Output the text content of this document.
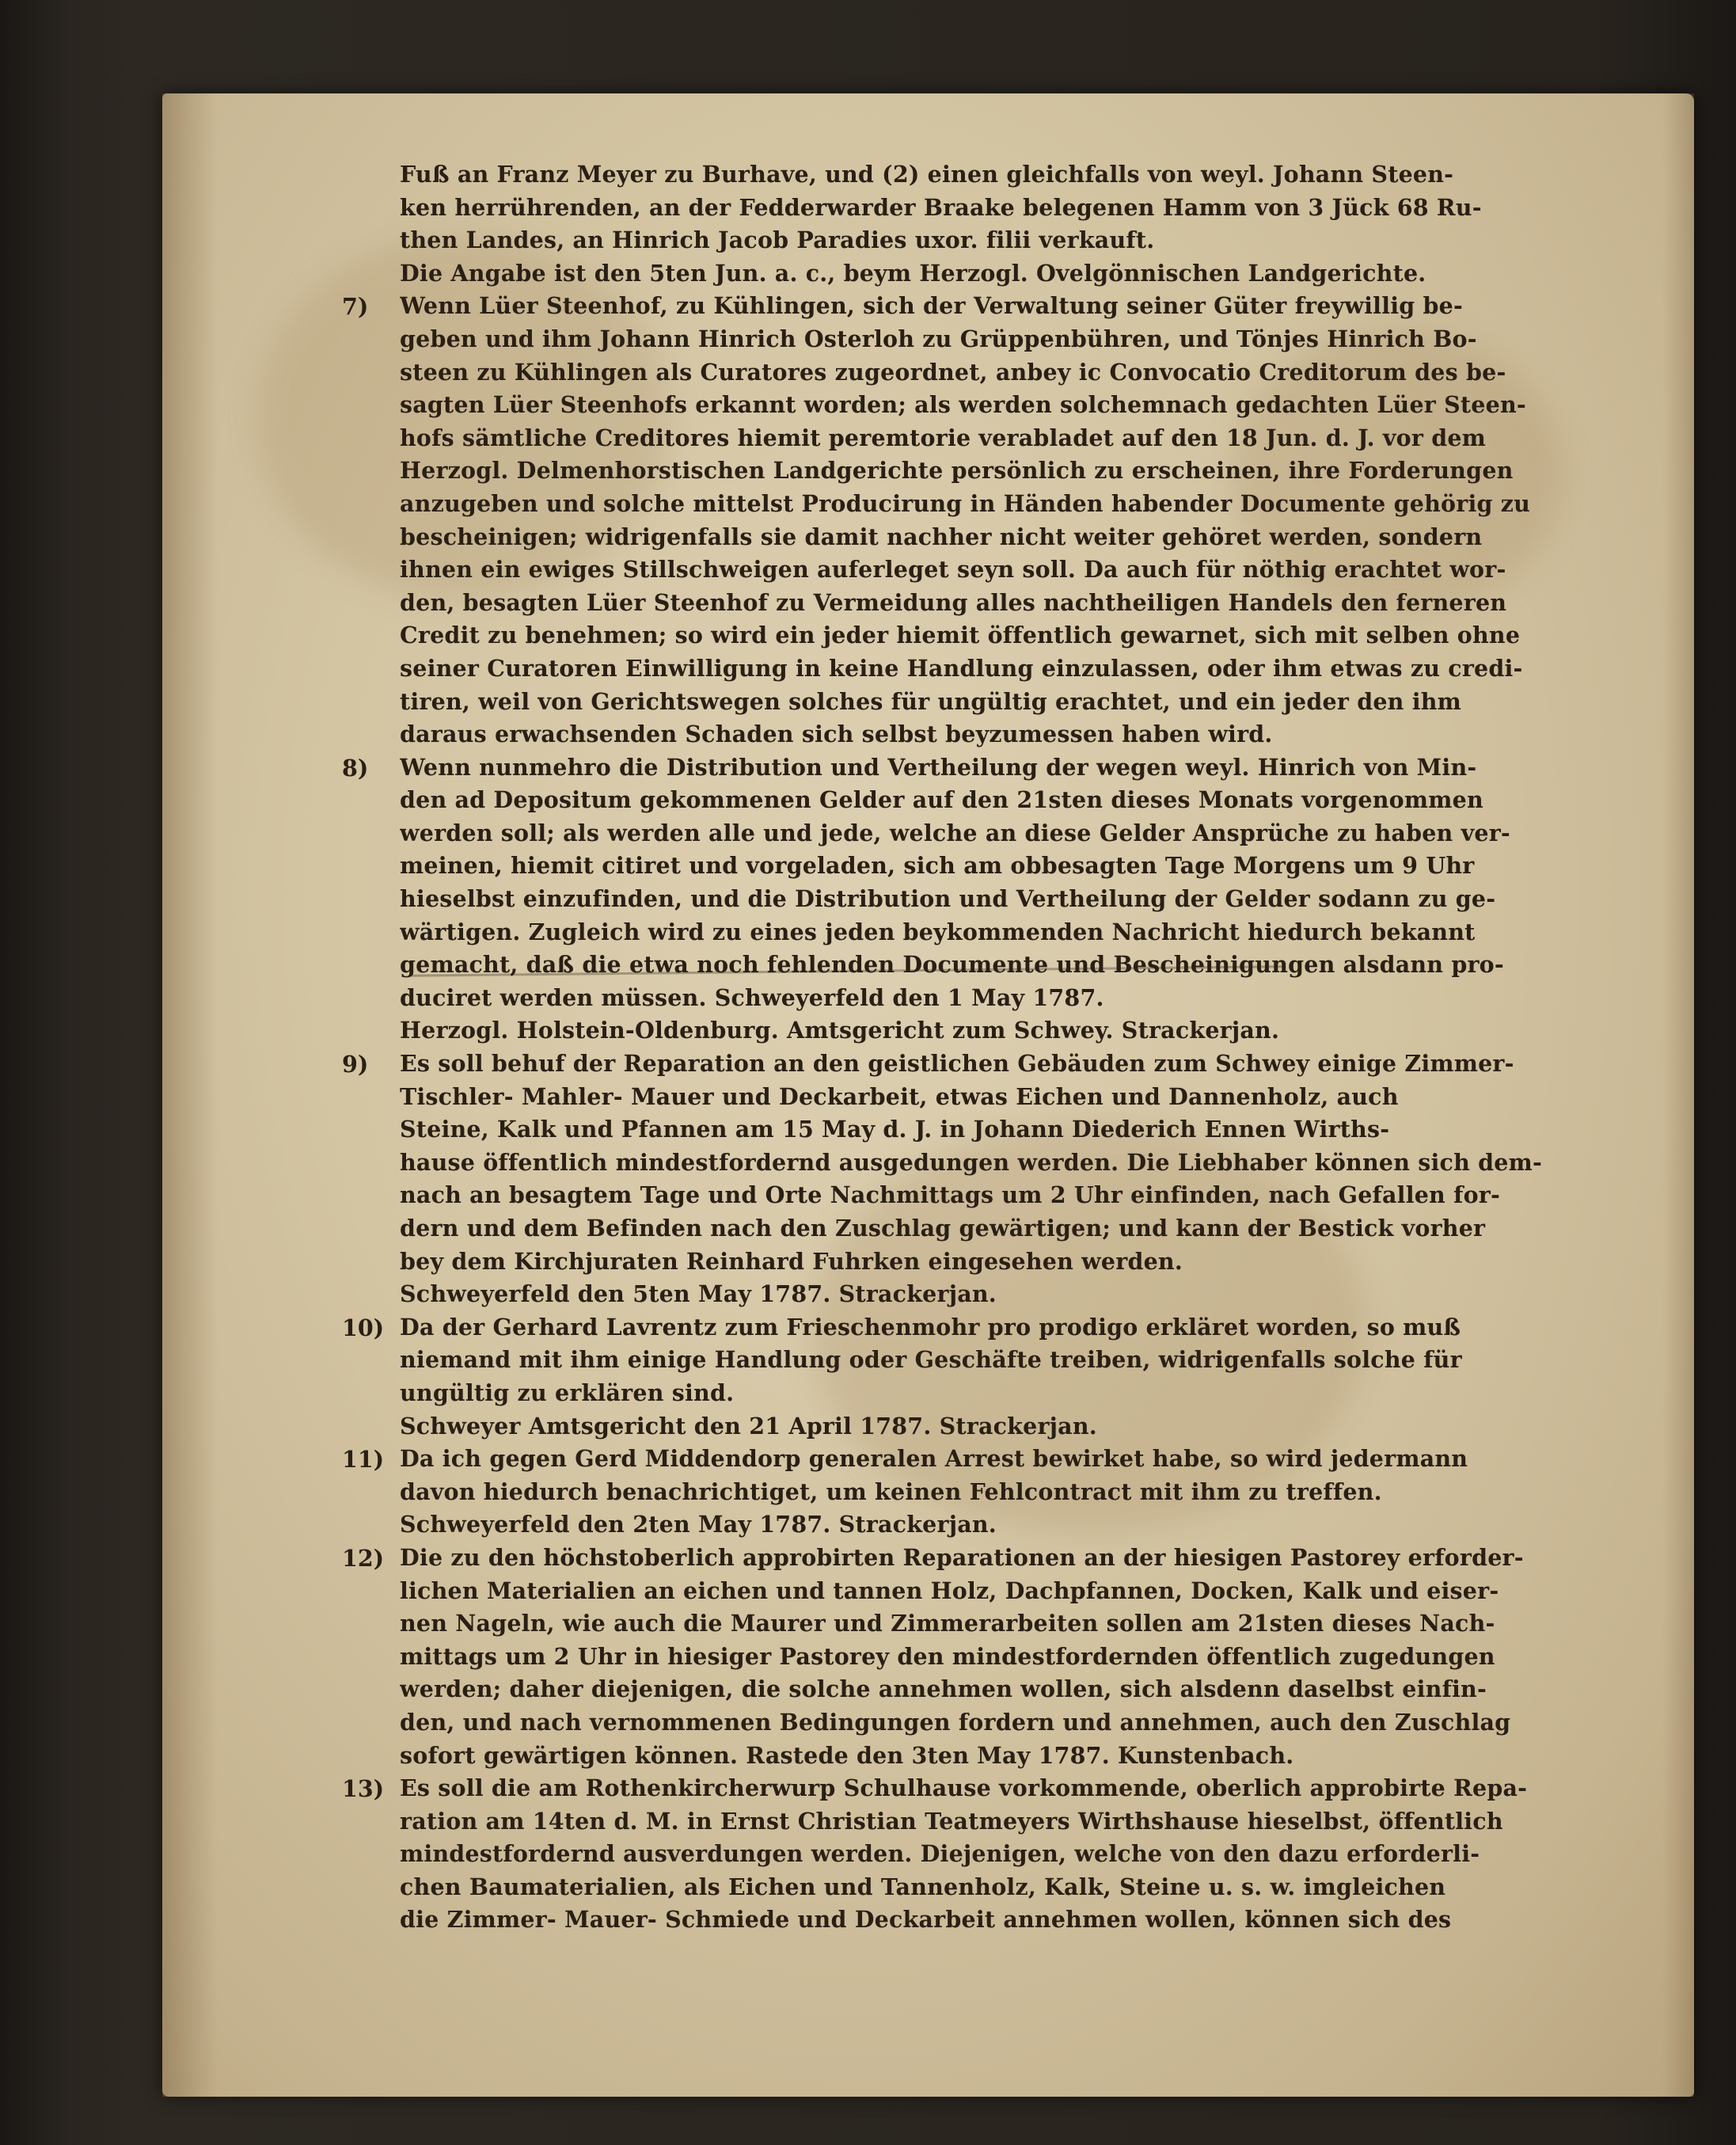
7)
8)
9)
10)
11)
12)
13)
Fuß an Franz Meyer zu Burhave, und (2) einen gleichfalls von weyl. Johann Steen-
ken herrührenden, an der Fedderwarder Braake belegenen Hamm von 3 Jück 68 Ru-
then Landes, an Hinrich Jacob Paradies uxor. filii verkauft.
Die Angabe ist den 5ten Jun. a. c., beym Herzogl. Ovelgönnischen Landgerichte.
Wenn Lüer Steenhof, zu Kühlingen, sich der Verwaltung seiner Güter freywillig be-
geben und ihm Johann Hinrich Osterloh zu Grüppenbühren, und Tönjes Hinrich Bo-
steen zu Kühlingen als Curatores zugeordnet, anbey ic Convocatio Creditorum des be-
sagten Lüer Steenhofs erkannt worden; als werden solchemnach gedachten Lüer Steen-
hofs sämtliche Creditores hiemit peremtorie verabladet auf den 18 Jun. d. J. vor dem
Herzogl. Delmenhorstischen Landgerichte persönlich zu erscheinen, ihre Forderungen
anzugeben und solche mittelst Producirung in Händen habender Documente gehörig zu
bescheinigen; widrigenfalls sie damit nachher nicht weiter gehöret werden, sondern
ihnen ein ewiges Stillschweigen auferleget seyn soll. Da auch für nöthig erachtet wor-
den, besagten Lüer Steenhof zu Vermeidung alles nachtheiligen Handels den ferneren
Credit zu benehmen; so wird ein jeder hiemit öffentlich gewarnet, sich mit selben ohne
seiner Curatoren Einwilligung in keine Handlung einzulassen, oder ihm etwas zu credi-
tiren, weil von Gerichtswegen solches für ungültig erachtet, und ein jeder den ihm
daraus erwachsenden Schaden sich selbst beyzumessen haben wird.
Wenn nunmehro die Distribution und Vertheilung der wegen weyl. Hinrich von Min-
den ad Depositum gekommenen Gelder auf den 21sten dieses Monats vorgenommen
werden soll; als werden alle und jede, welche an diese Gelder Ansprüche zu haben ver-
meinen, hiemit citiret und vorgeladen, sich am obbesagten Tage Morgens um 9 Uhr
hieselbst einzufinden, und die Distribution und Vertheilung der Gelder sodann zu ge-
wärtigen. Zugleich wird zu eines jeden beykommenden Nachricht hiedurch bekannt
gemacht, daß die etwa noch fehlenden Documente und Bescheinigungen alsdann pro-
duciret werden müssen. Schweyerfeld den 1 May 1787.
Herzogl. Holstein-Oldenburg. Amtsgericht zum Schwey. Strackerjan.
Es soll behuf der Reparation an den geistlichen Gebäuden zum Schwey einige Zimmer-
Tischler- Mahler- Mauer und Deckarbeit, etwas Eichen und Dannenholz, auch
Steine, Kalk und Pfannen am 15 May d. J. in Johann Diederich Ennen Wirths-
hause öffentlich mindestfordernd ausgedungen werden. Die Liebhaber können sich dem-
nach an besagtem Tage und Orte Nachmittags um 2 Uhr einfinden, nach Gefallen for-
dern und dem Befinden nach den Zuschlag gewärtigen; und kann der Bestick vorher
bey dem Kirchjuraten Reinhard Fuhrken eingesehen werden.
Schweyerfeld den 5ten May 1787. Strackerjan.
Da der Gerhard Lavrentz zum Frieschenmohr pro prodigo erkläret worden, so muß
niemand mit ihm einige Handlung oder Geschäfte treiben, widrigenfalls solche für
ungültig zu erklären sind.
Schweyer Amtsgericht den 21 April 1787. Strackerjan.
Da ich gegen Gerd Middendorp generalen Arrest bewirket habe, so wird jedermann
davon hiedurch benachrichtiget, um keinen Fehlcontract mit ihm zu treffen.
Schweyerfeld den 2ten May 1787. Strackerjan.
Die zu den höchstoberlich approbirten Reparationen an der hiesigen Pastorey erforder-
lichen Materialien an eichen und tannen Holz, Dachpfannen, Docken, Kalk und eiser-
nen Nageln, wie auch die Maurer und Zimmerarbeiten sollen am 21sten dieses Nach-
mittags um 2 Uhr in hiesiger Pastorey den mindestfordernden öffentlich zugedungen
werden; daher diejenigen, die solche annehmen wollen, sich alsdenn daselbst einfin-
den, und nach vernommenen Bedingungen fordern und annehmen, auch den Zuschlag
sofort gewärtigen können. Rastede den 3ten May 1787. Kunstenbach.
Es soll die am Rothenkircherwurp Schulhause vorkommende, oberlich approbirte Repa-
ration am 14ten d. M. in Ernst Christian Teatmeyers Wirthshause hieselbst, öffentlich
mindestfordernd ausverdungen werden. Diejenigen, welche von den dazu erforderli-
chen Baumaterialien, als Eichen und Tannenholz, Kalk, Steine u. s. w. imgleichen
die Zimmer- Mauer- Schmiede und Deckarbeit annehmen wollen, können sich des
